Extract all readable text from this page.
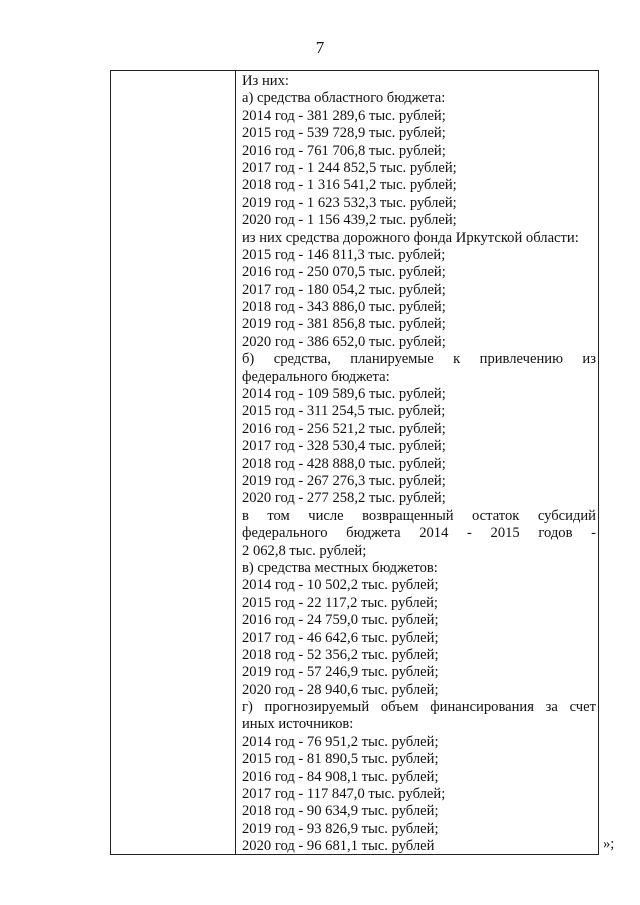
7
Из них:
а) средства областного бюджета:
2014 год - 381 289,6 тыс. рублей;
2015 год - 539 728,9 тыс. рублей;
2016 год - 761 706,8 тыс. рублей;
2017 год - 1 244 852,5 тыс. рублей;
2018 год - 1 316 541,2 тыс. рублей;
2019 год - 1 623 532,3 тыс. рублей;
2020 год - 1 156 439,2 тыс. рублей;
из них средства дорожного фонда Иркутской области:
2015 год - 146 811,3 тыс. рублей;
2016 год - 250 070,5 тыс. рублей;
2017 год - 180 054,2 тыс. рублей;
2018 год - 343 886,0 тыс. рублей;
2019 год - 381 856,8 тыс. рублей;
2020 год - 386 652,0 тыс. рублей;
б) средства, планируемые к привлечению из
федерального бюджета:
2014 год - 109 589,6 тыс. рублей;
2015 год - 311 254,5 тыс. рублей;
2016 год - 256 521,2 тыс. рублей;
2017 год - 328 530,4 тыс. рублей;
2018 год - 428 888,0 тыс. рублей;
2019 год - 267 276,3 тыс. рублей;
2020 год - 277 258,2 тыс. рублей;
в том числе возвращенный остаток субсидий
федерального бюджета 2014 - 2015 годов -
2 062,8 тыс. рублей;
в) средства местных бюджетов:
2014 год - 10 502,2 тыс. рублей;
2015 год - 22 117,2 тыс. рублей;
2016 год - 24 759,0 тыс. рублей;
2017 год - 46 642,6 тыс. рублей;
2018 год - 52 356,2 тыс. рублей;
2019 год - 57 246,9 тыс. рублей;
2020 год - 28 940,6 тыс. рублей;
г) прогнозируемый объем финансирования за счет
иных источников:
2014 год - 76 951,2 тыс. рублей;
2015 год - 81 890,5 тыс. рублей;
2016 год - 84 908,1 тыс. рублей;
2017 год - 117 847,0 тыс. рублей;
2018 год - 90 634,9 тыс. рублей;
2019 год - 93 826,9 тыс. рублей;
2020 год - 96 681,1 тыс. рублей	»;
